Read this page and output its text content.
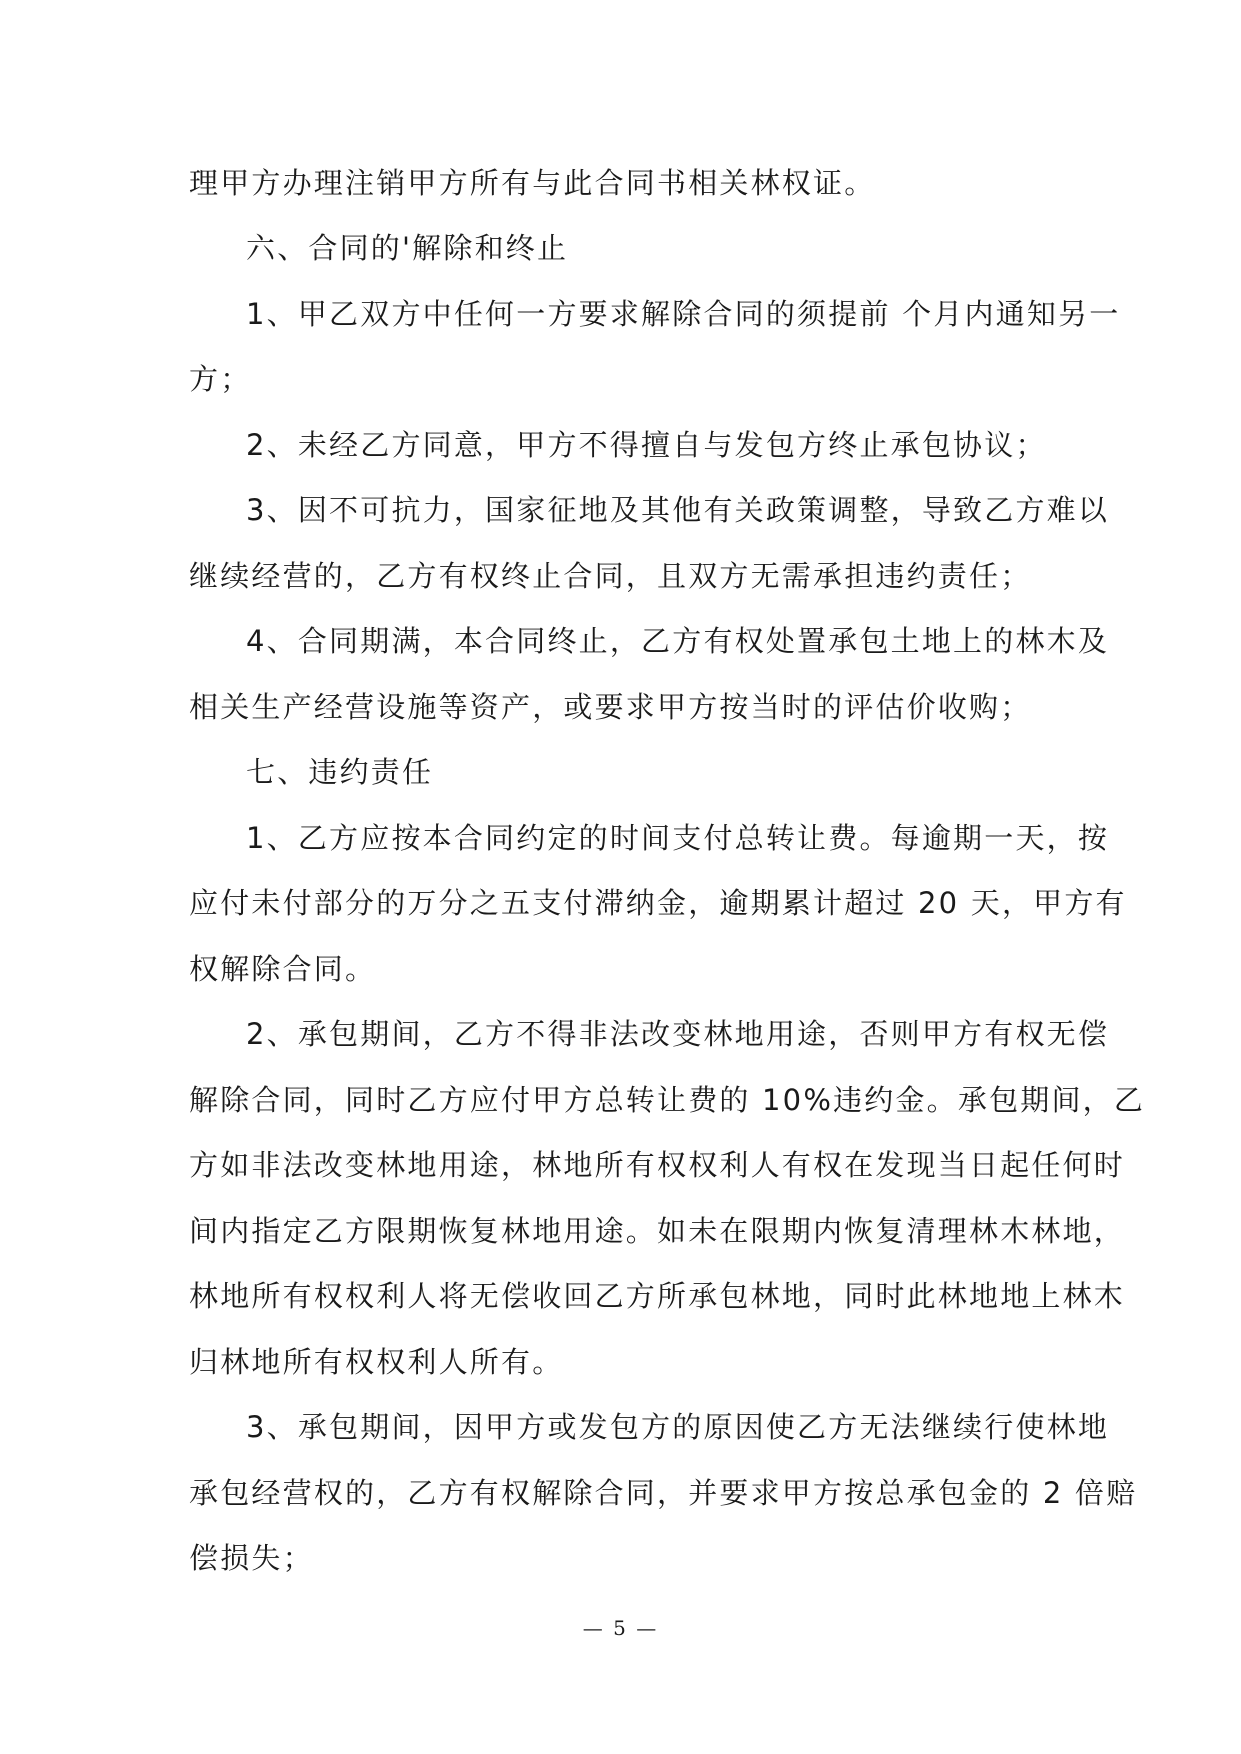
理甲方办理注销甲方所有与此合同书相关林权证。
六、合同的'解除和终止
1、甲乙双方中任何一方要求解除合同的须提前 个月内通知另一
方；
2、未经乙方同意，甲方不得擅自与发包方终止承包协议；
3、因不可抗力，国家征地及其他有关政策调整，导致乙方难以
继续经营的，乙方有权终止合同，且双方无需承担违约责任；
4、合同期满，本合同终止，乙方有权处置承包土地上的林木及
相关生产经营设施等资产，或要求甲方按当时的评估价收购；
七、违约责任
1、乙方应按本合同约定的时间支付总转让费。每逾期一天，按
应付未付部分的万分之五支付滞纳金，逾期累计超过 20 天，甲方有
权解除合同。
2、承包期间，乙方不得非法改变林地用途，否则甲方有权无偿
解除合同，同时乙方应付甲方总转让费的 10%违约金。承包期间，乙
方如非法改变林地用途，林地所有权权利人有权在发现当日起任何时
间内指定乙方限期恢复林地用途。如未在限期内恢复清理林木林地，
林地所有权权利人将无偿收回乙方所承包林地，同时此林地地上林木
归林地所有权权利人所有。
3、承包期间，因甲方或发包方的原因使乙方无法继续行使林地
承包经营权的，乙方有权解除合同，并要求甲方按总承包金的 2 倍赔
偿损失；
— 5 —
